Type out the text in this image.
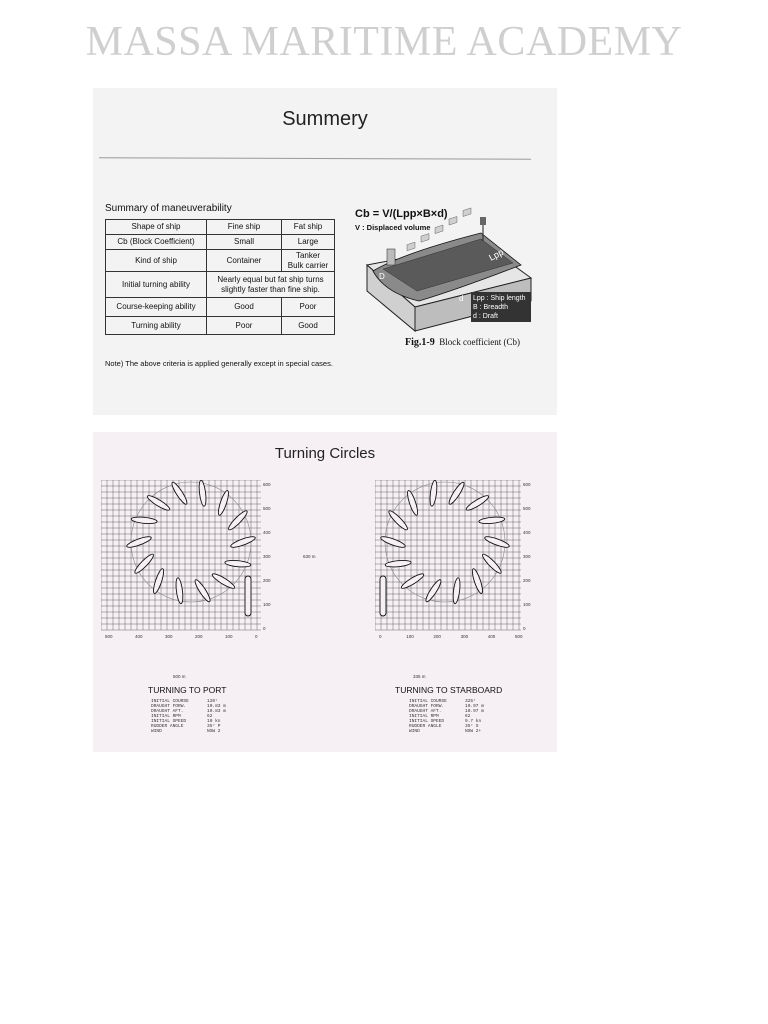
MASSA MARITIME ACADEMY
Summery
Summary of maneuverability
Shape of ship	Fine ship	Fat ship
Cb (Block Coefficient)	Small	Large
Kind of ship	Container	Tanker
Bulk carrier
Initial turning ability	Nearly equal but fat ship turns slightly faster than fine ship.	
Course-keeping ability	Good	Poor
Turning ability	Poor	Good
Note) The above criteria is applied generally except in special cases.
Lpp
D
d Lpp : Ship length
B : Breadth
d : Draft
Cb = V/(Lpp×B×d)
V : Displaced volume
Fig.1-9 Block coefficient (Cb)
Turning Circles
600
500
400
300
200
100
0
500	400	300	200	100	0
600
500
400
300
200
100
0
0	100	200	300	400	500
500 m
630 m
335 m
TURNING TO PORT	TURNING TO STARBOARD
INITIAL COURSE	120°
DRAUGHT FORW.	10.83 m
DRAUGHT AFT.	10.83 m
INITIAL RPM	62
INITIAL SPEED	10 kn
RUDDER ANGLE	35° P
WIND	NSW 2
INITIAL COURSE	325°
DRAUGHT FORW.	10.97 m
DRAUGHT AFT.	10.97 m
INITIAL RPM	62
INITIAL SPEED	9.7 kn
RUDDER ANGLE	35° S
WIND	NSW 2+
